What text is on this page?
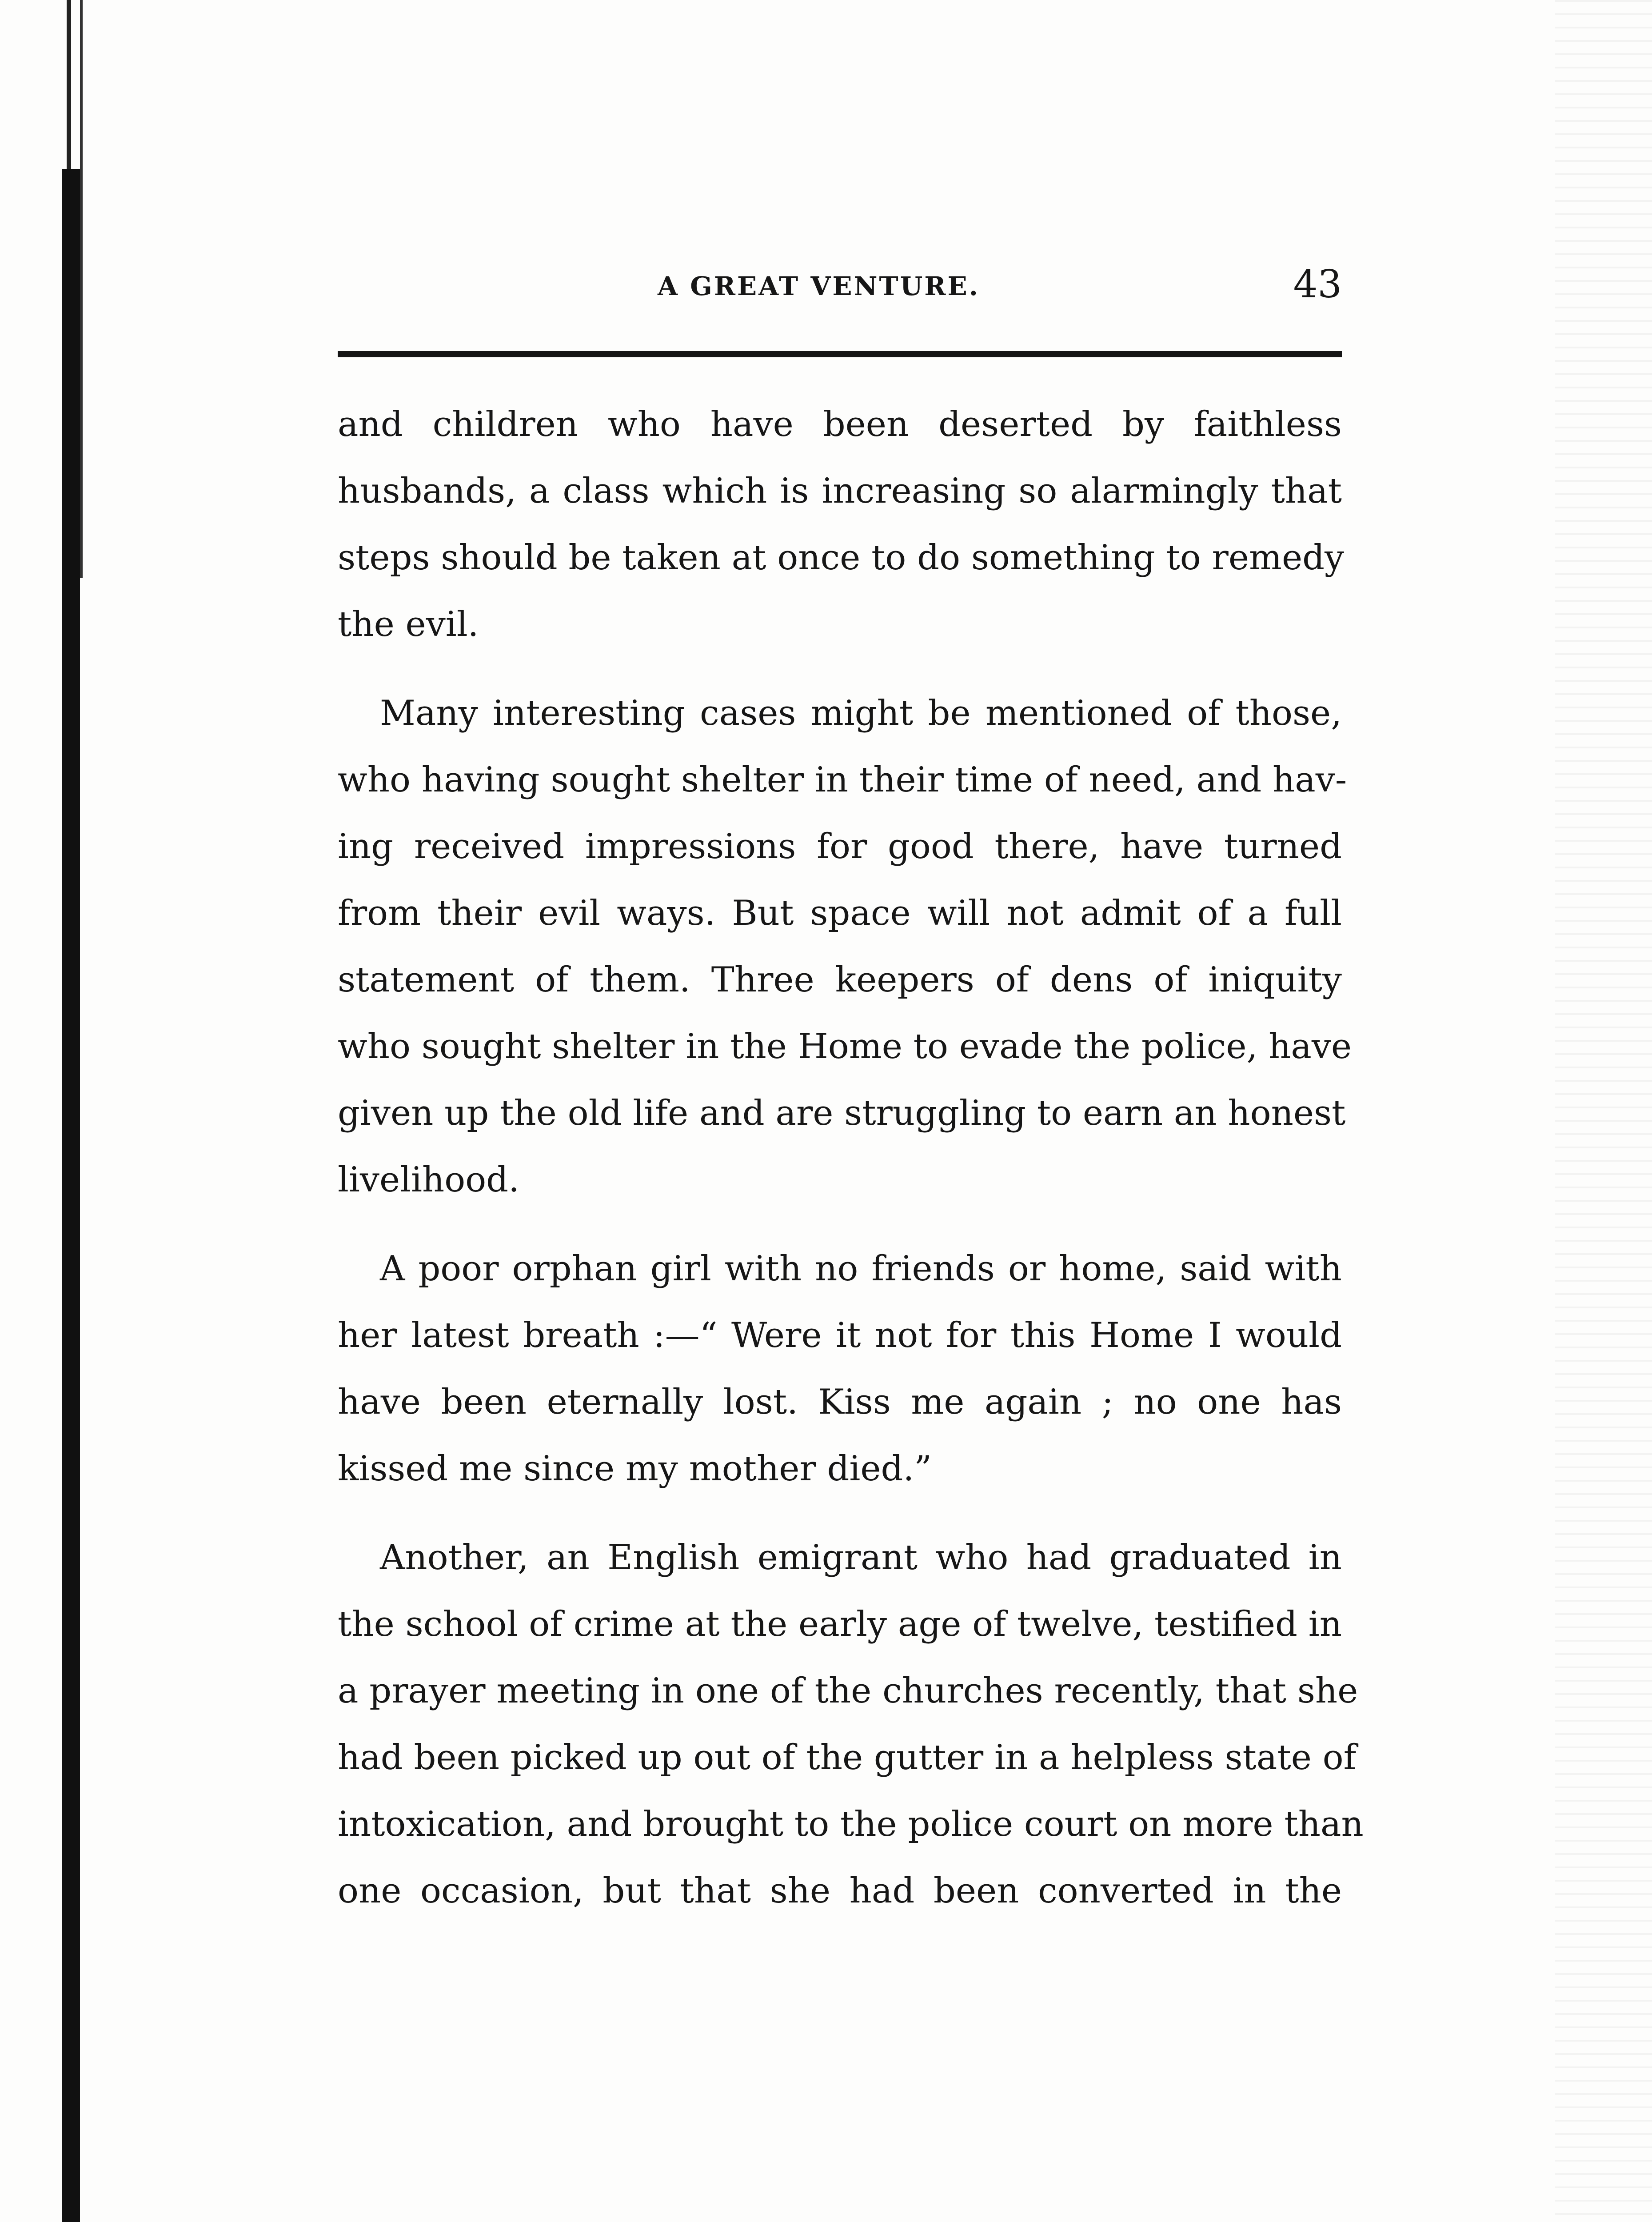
A GREAT VENTURE.	43

and children who have been deserted by faithless
husbands, a class which is increasing so alarmingly that
steps should be taken at once to do something to remedy
the evil.

Many interesting cases might be mentioned of those,
who having sought shelter in their time of need, and hav-
ing received impressions for good there, have turned
from their evil ways. But space will not admit of a full
statement of them. Three keepers of dens of iniquity
who sought shelter in the Home to evade the police, have
given up the old life and are struggling to earn an honest
livelihood.

A poor orphan girl with no friends or home, said with
her latest breath :—“ Were it not for this Home I would
have been eternally lost. Kiss me again ; no one has
kissed me since my mother died.”

Another, an English emigrant who had graduated in
the school of crime at the early age of twelve, testified in
a prayer meeting in one of the churches recently, that she
had been picked up out of the gutter in a helpless state of
intoxication, and brought to the police court on more than
one occasion, but that she had been converted in the
